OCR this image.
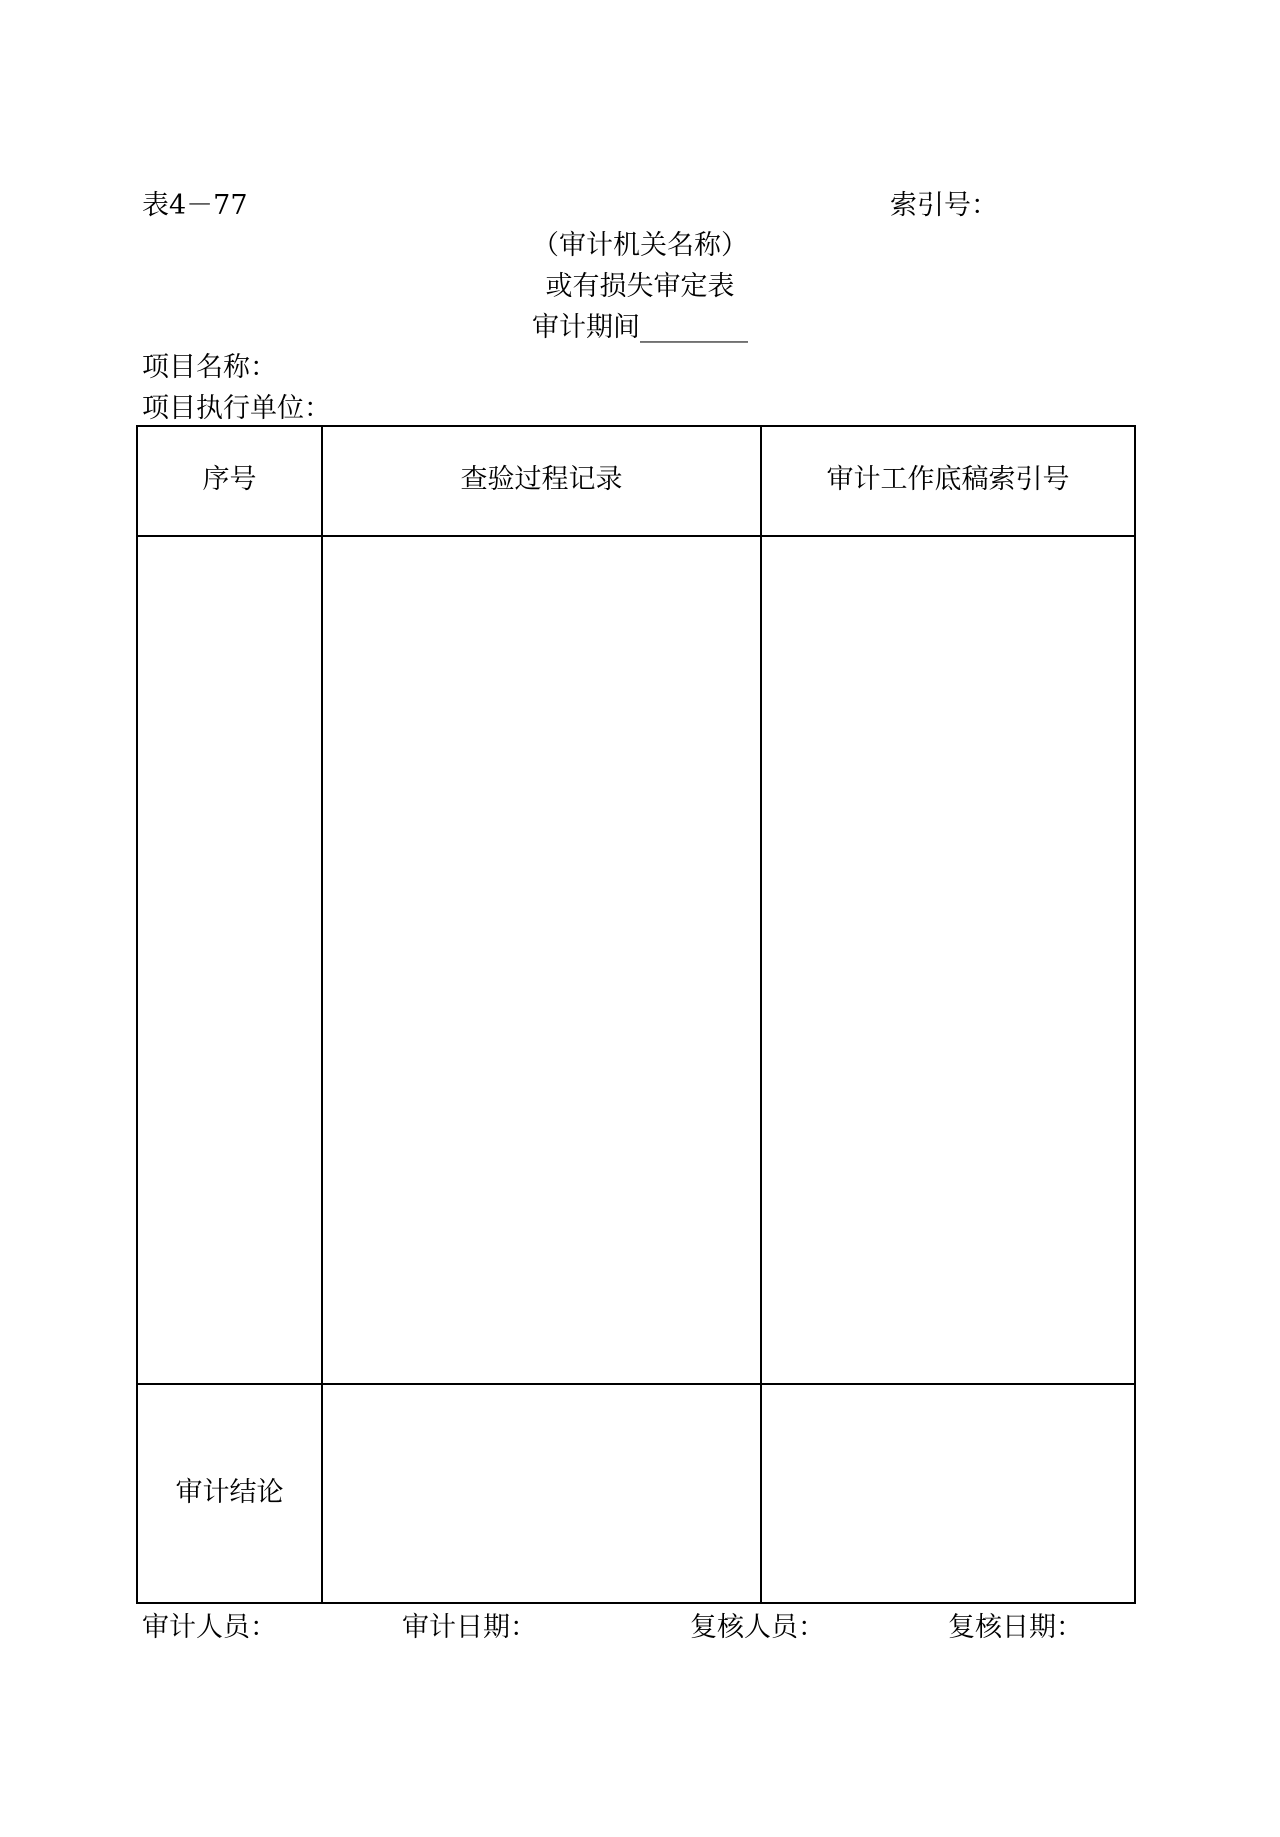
表4－77	索引号：
（审计机关名称）
或有损失审定表
审计期间________
项目名称：
项目执行单位：
序号	查验过程记录	审计工作底稿索引号
审计结论
审计人员：	审计日期：	复核人员：	复核日期：
